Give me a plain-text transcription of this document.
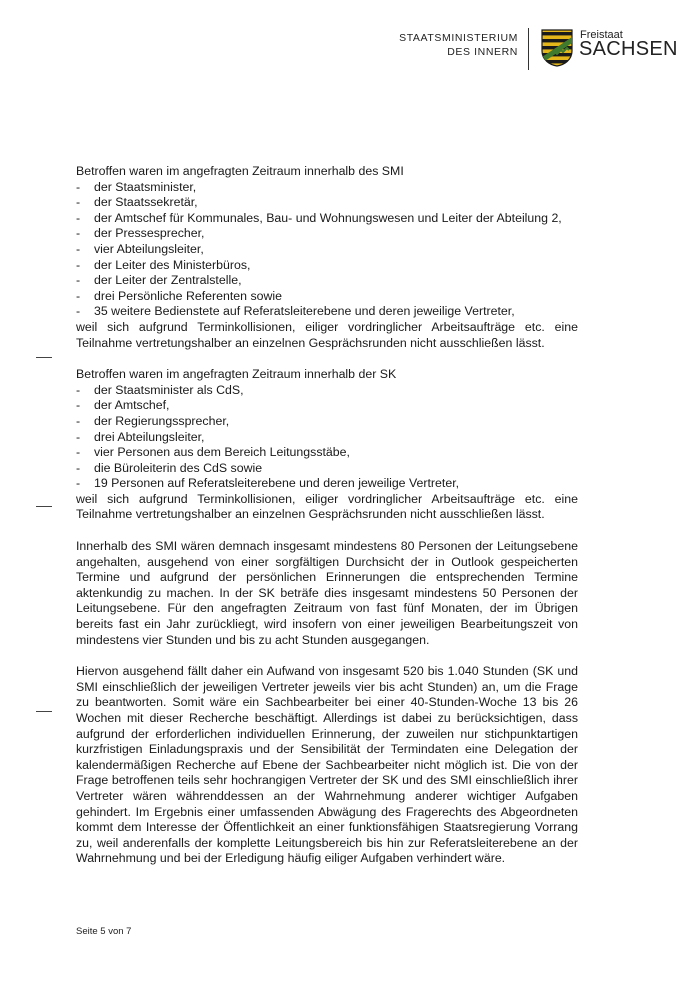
STAATSMINISTERIUM
DES INNERN
Freistaat
SACHSEN

Betroffen waren im angefragten Zeitraum innerhalb des SMI

- der Staatsminister,
- der Staatssekretär,
- der Amtschef für Kommunales, Bau- und Wohnungswesen und Leiter der Abteilung 2,
- der Pressesprecher,
- vier Abteilungsleiter,
- der Leiter des Ministerbüros,
- der Leiter der Zentralstelle,
- drei Persönliche Referenten sowie
- 35 weitere Bedienstete auf Referatsleiterebene und deren jeweilige Vertreter,

weil sich aufgrund Terminkollisionen, eiliger vordringlicher Arbeitsaufträge etc. eine Teilnahme vertretungshalber an einzelnen Gesprächsrunden nicht ausschließen lässt.

Betroffen waren im angefragten Zeitraum innerhalb der SK

- der Staatsminister als CdS,
- der Amtschef,
- der Regierungssprecher,
- drei Abteilungsleiter,
- vier Personen aus dem Bereich Leitungsstäbe,
- die Büroleiterin des CdS sowie
- 19 Personen auf Referatsleiterebene und deren jeweilige Vertreter,

weil sich aufgrund Terminkollisionen, eiliger vordringlicher Arbeitsaufträge etc. eine Teilnahme vertretungshalber an einzelnen Gesprächsrunden nicht ausschließen lässt.

Innerhalb des SMI wären demnach insgesamt mindestens 80 Personen der Leitungsebene angehalten, ausgehend von einer sorgfältigen Durchsicht der in Outlook gespeicherten Termine und aufgrund der persönlichen Erinnerungen die entsprechenden Termine aktenkundig zu machen. In der SK beträfe dies insgesamt mindestens 50 Personen der Leitungsebene. Für den angefragten Zeitraum von fast fünf Monaten, der im Übrigen bereits fast ein Jahr zurückliegt, wird insofern von einer jeweiligen Bearbeitungszeit von mindestens vier Stunden und bis zu acht Stunden ausgegangen.

Hiervon ausgehend fällt daher ein Aufwand von insgesamt 520 bis 1.040 Stunden (SK und SMI einschließlich der jeweiligen Vertreter jeweils vier bis acht Stunden) an, um die Frage zu beantworten. Somit wäre ein Sachbearbeiter bei einer 40-Stunden-Woche 13 bis 26 Wochen mit dieser Recherche beschäftigt. Allerdings ist dabei zu berücksichtigen, dass aufgrund der erforderlichen individuellen Erinnerung, der zuweilen nur stichpunktartigen kurzfristigen Einladungspraxis und der Sensibilität der Termindaten eine Delegation der kalendermäßigen Recherche auf Ebene der Sachbearbeiter nicht möglich ist. Die von der Frage betroffenen teils sehr hochrangigen Vertreter der SK und des SMI einschließlich ihrer Vertreter wären währenddessen an der Wahrnehmung anderer wichtiger Aufgaben gehindert. Im Ergebnis einer umfassenden Abwägung des Fragerechts des Abgeordneten kommt dem Interesse der Öffentlichkeit an einer funktionsfähigen Staatsregierung Vorrang zu, weil anderenfalls der komplette Leitungsbereich bis hin zur Referatsleiterebene an der Wahrnehmung und bei der Erledigung häufig eiliger Aufgaben verhindert wäre.

Seite 5 von 7
